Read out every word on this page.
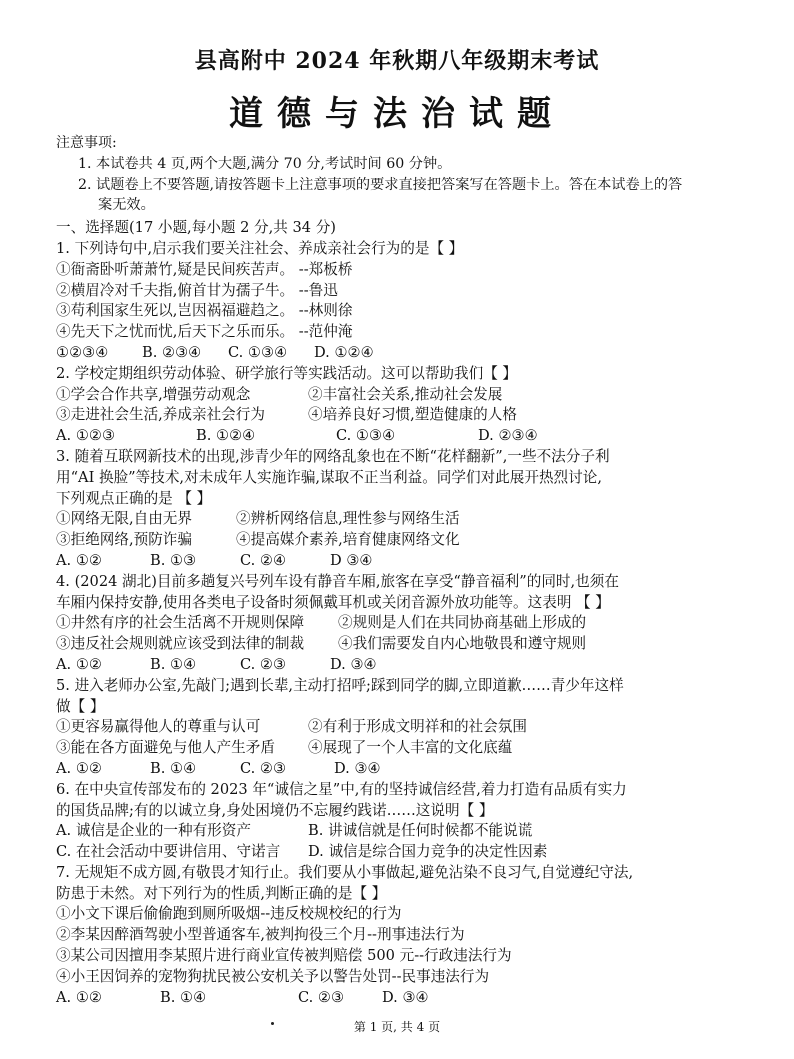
县高附中 2024 年秋期八年级期末考试
道德与法治试题
注意事项:
1. 本试卷共 4 页,两个大题,满分 70 分,考试时间 60 分钟。
2. 试题卷上不要答题,请按答题卡上注意事项的要求直接把答案写在答题卡上。答在本试卷上的答
案无效。
一、选择题(17 小题,每小题 2 分,共 34 分)
1. 下列诗句中,启示我们要关注社会、养成亲社会行为的是【 】
①衙斋卧听萧萧竹,疑是民间疾苦声。 --郑板桥
②横眉冷对千夫指,俯首甘为孺子牛。 --鲁迅
③苟利国家生死以,岂因祸福避趋之。 --林则徐
④先天下之忧而忧,后天下之乐而乐。 --范仲淹
①②③④	B. ②③④	C. ①③④	D. ①②④
2. 学校定期组织劳动体验、研学旅行等实践活动。这可以帮助我们【 】
①学会合作共享,增强劳动观念	②丰富社会关系,推动社会发展
③走进社会生活,养成亲社会行为	④培养良好习惯,塑造健康的人格
A. ①②③	B. ①②④	C. ①③④	D. ②③④
3. 随着互联网新技术的出现,涉青少年的网络乱象也在不断“花样翻新”,一些不法分子利
用“AI 换脸”等技术,对未成年人实施诈骗,谋取不正当利益。同学们对此展开热烈讨论,
下列观点正确的是 【 】
①网络无限,自由无界	②辨析网络信息,理性参与网络生活
③拒绝网络,预防诈骗	④提高媒介素养,培育健康网络文化
A. ①②	B. ①③	C. ②④	D ③④
4. (2024 湖北)目前多趟复兴号列车设有静音车厢,旅客在享受“静音福利”的同时,也须在
车厢内保持安静,使用各类电子设备时须佩戴耳机或关闭音源外放功能等。这表明 【 】
①井然有序的社会生活离不开规则保障	②规则是人们在共同协商基础上形成的
③违反社会规则就应该受到法律的制裁	④我们需要发自内心地敬畏和遵守规则
A. ①②	B. ①④	C. ②③	D. ③④
5. 进入老师办公室,先敲门;遇到长辈,主动打招呼;踩到同学的脚,立即道歉……青少年这样
做【 】
①更容易赢得他人的尊重与认可	②有利于形成文明祥和的社会氛围
③能在各方面避免与他人产生矛盾	④展现了一个人丰富的文化底蕴
A. ①②	B. ①④	C. ②③	D. ③④
6. 在中央宣传部发布的 2023 年“诚信之星”中,有的坚持诚信经营,着力打造有品质有实力
的国货品牌;有的以诚立身,身处困境仍不忘履约践诺……这说明【 】
A. 诚信是企业的一种有形资产	B. 讲诚信就是任何时候都不能说谎
C. 在社会活动中要讲信用、守诺言	D. 诚信是综合国力竞争的决定性因素
7. 无规矩不成方圆,有敬畏才知行止。我们要从小事做起,避免沾染不良习气,自觉遵纪守法,
防患于未然。对下列行为的性质,判断正确的是【 】
①小文下课后偷偷跑到厕所吸烟--违反校规校纪的行为
②李某因醉酒驾驶小型普通客车,被判拘役三个月--刑事违法行为
③某公司因擅用李某照片进行商业宣传被判赔偿 500 元--行政违法行为
④小王因饲养的宠物狗扰民被公安机关予以警告处罚--民事违法行为
A. ①②	B. ①④	C. ②③	D. ③④
第 1 页, 共 4 页
